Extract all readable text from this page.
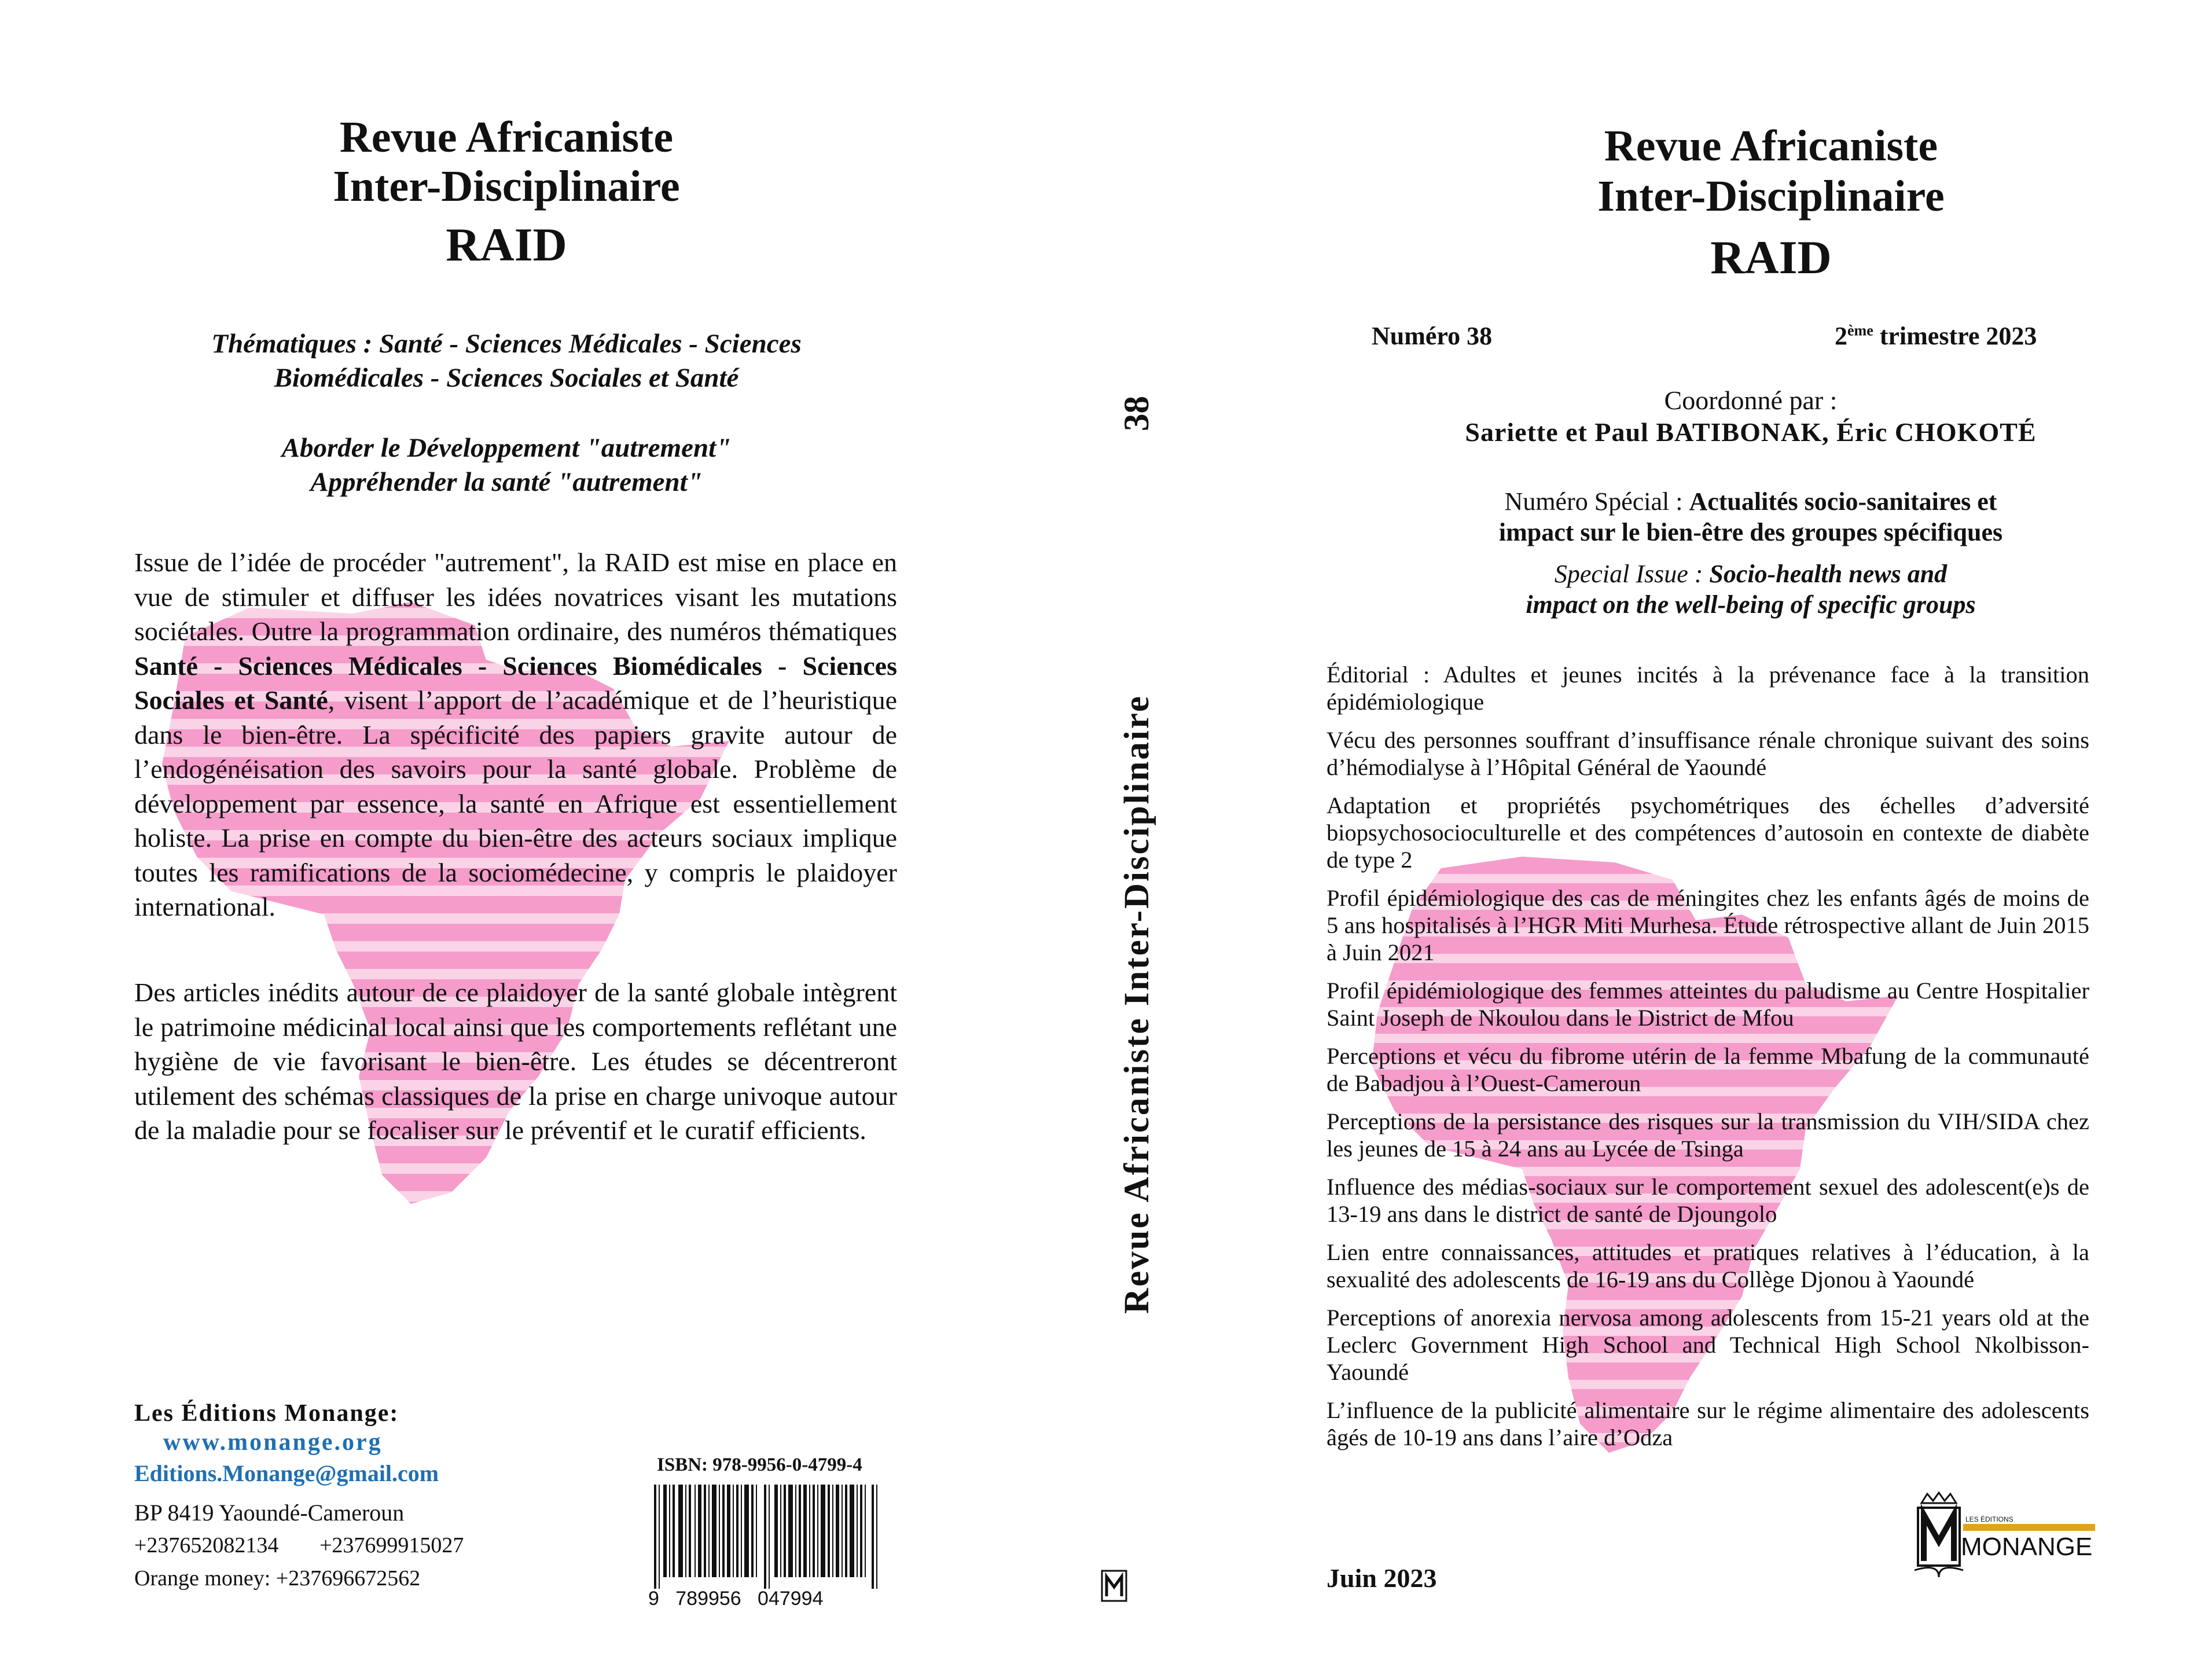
Revue Africaniste
Inter-Disciplinaire
RAID
Thématiques : Santé - Sciences Médicales - Sciences
Biomédicales - Sciences Sociales et Santé
Aborder le Développement "autrement"
Appréhender la santé "autrement"
Issue de l’idée de procéder "autrement", la RAID est mise en place en vue de stimuler et diffuser les idées novatrices visant les mutations sociétales. Outre la programmation ordinaire, des numéros thématiques Santé - Sciences Médicales - Sciences Biomédicales - Sciences Sociales et Santé, visent l’apport de l’académique et de l’heuristique dans le bien-être. La spécificité des papiers gravite autour de l’endogénéisation des savoirs pour la santé globale. Problème de développement par essence, la santé en Afrique est essentiellement holiste. La prise en compte du bien-être des acteurs sociaux implique toutes les ramifications de la sociomédecine, y compris le plaidoyer international.
Des articles inédits autour de ce plaidoyer de la santé globale intègrent le patrimoine médicinal local ainsi que les comportements reflétant une hygiène de vie favorisant le bien-être. Les études se décentreront utilement des schémas classiques de la prise en charge univoque autour de la maladie pour se focaliser sur le préventif et le curatif efficients.
Les Éditions Monange:
www.monange.org
Editions.Monange@gmail.com
BP 8419 Yaoundé-Cameroun
+237652082134 +237699915027
Orange money: +237696672562
ISBN: 978-9956-0-4799-4
9   789956   047994
38
Revue Africaniste Inter-Disciplinaire
Revue Africaniste
Inter-Disciplinaire
RAID
Numéro 38	2ème trimestre 2023
Coordonné par :
Sariette et Paul BATIBONAK, Éric CHOKOTÉ
Numéro Spécial : Actualités socio-sanitaires et
impact sur le bien-être des groupes spécifiques
Special Issue : Socio-health news and
impact on the well-being of specific groups
Éditorial : Adultes et jeunes incités à la prévenance face à la transition épidémiologique
Vécu des personnes souffrant d’insuffisance rénale chronique suivant des soins d’hémodialyse à l’Hôpital Général de Yaoundé
Adaptation et propriétés psychométriques des échelles d’adversité biopsychosocioculturelle et des compétences d’autosoin en contexte de diabète de type 2
Profil épidémiologique des cas de méningites chez les enfants âgés de moins de 5 ans hospitalisés à l’HGR Miti Murhesa. Étude rétrospective allant de Juin 2015 à Juin 2021
Profil épidémiologique des femmes atteintes du paludisme au Centre Hospitalier Saint Joseph de Nkoulou dans le District de Mfou
Perceptions et vécu du fibrome utérin de la femme Mbafung de la communauté de Babadjou à l’Ouest-Cameroun
Perceptions de la persistance des risques sur la transmission du VIH/SIDA chez les jeunes de 15 à 24 ans au Lycée de Tsinga
Influence des médias-sociaux sur le comportement sexuel des adolescent(e)s de 13-19 ans dans le district de santé de Djoungolo
Lien entre connaissances, attitudes et pratiques relatives à l’éducation, à la sexualité des adolescents de 16-19 ans du Collège Djonou à Yaoundé
Perceptions of anorexia nervosa among adolescents from 15-21 years old at the Leclerc Government High School and Technical High School Nkolbisson-Yaoundé
L’influence de la publicité alimentaire sur le régime alimentaire des adolescents âgés de 10-19 ans dans l’aire d’Odza
Juin 2023
LES ÉDITIONS
MONANGE
